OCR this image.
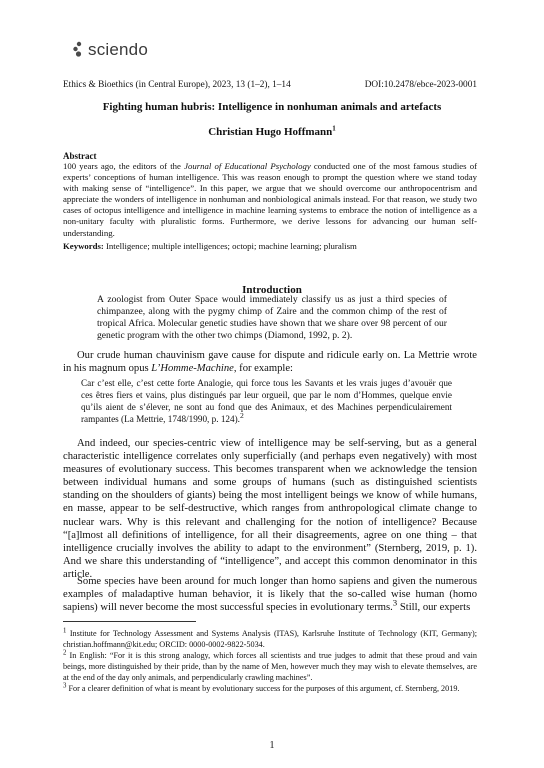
sciendo
Ethics & Bioethics (in Central Europe), 2023, 13 (1–2), 1–14	DOI:10.2478/ebce-2023-0001
Fighting human hubris: Intelligence in nonhuman animals and artefacts
Christian Hugo Hoffmann$^1$
Abstract
100 years ago, the editors of the Journal of Educational Psychology conducted one of the most famous studies of experts’ conceptions of human intelligence. This was reason enough to prompt the question where we stand today with making sense of “intelligence”. In this paper, we argue that we should overcome our anthropocentrism and appreciate the wonders of intelligence in nonhuman and nonbiological animals instead. For that reason, we study two cases of octopus intelligence and intelligence in machine learning systems to embrace the notion of intelligence as a non-unitary faculty with pluralistic forms. Furthermore, we derive lessons for advancing our human self-understanding.
Keywords: Intelligence; multiple intelligences; octopi; machine learning; pluralism
Introduction
A zoologist from Outer Space would immediately classify us as just a third species of chimpanzee, along with the pygmy chimp of Zaire and the common chimp of the rest of tropical Africa. Molecular genetic studies have shown that we share over 98 percent of our genetic program with the other two chimps (Diamond, 1992, p. 2).

Our crude human chauvinism gave cause for dispute and ridicule early on. La Mettrie wrote in his magnum opus L’Homme-Machine, for example:

Car c’est elle, c’est cette forte Analogie, qui force tous les Savants et les vrais juges d’avouër que ces êtres fiers et vains, plus distingués par leur orgueil, que par le nom d’Hommes, quelque envie qu’ils aient de s’élever, ne sont au fond que des Animaux, et des Machines perpendiculairement rampantes (La Mettrie, 1748/1990, p. 124).$^2$

And indeed, our species-centric view of intelligence may be self-serving, but as a general characteristic intelligence correlates only superficially (and perhaps even negatively) with most measures of evolutionary success. This becomes transparent when we acknowledge the tension between individual humans and some groups of humans (such as distinguished scientists standing on the shoulders of giants) being the most intelligent beings we know of while humans, en masse, appear to be self-destructive, which ranges from anthropological climate change to nuclear wars. Why is this relevant and challenging for the notion of intelligence? Because “[a]lmost all definitions of intelligence, for all their disagreements, agree on one thing – that intelligence crucially involves the ability to adapt to the environment” (Sternberg, 2019, p. 1). And we share this understanding of “intelligence”, and accept this common denominator in this article.

Some species have been around for much longer than homo sapiens and given the numerous examples of maladaptive human behavior, it is likely that the so-called wise human (homo sapiens) will never become the most successful species in evolutionary terms.$^3$ Still, our experts

$^1$ Institute for Technology Assessment and Systems Analysis (ITAS), Karlsruhe Institute of Technology (KIT, Germany); christian.hoffmann@kit.edu; ORCID: 0000-0002-9822-5034.

$^2$ In English: “For it is this strong analogy, which forces all scientists and true judges to admit that these proud and vain beings, more distinguished by their pride, than by the name of Men, however much they may wish to elevate themselves, are at the end of the day only animals, and perpendicularly crawling machines”.

$^3$ For a clearer definition of what is meant by evolutionary success for the purposes of this argument, cf. Sternberg, 2019.

1
